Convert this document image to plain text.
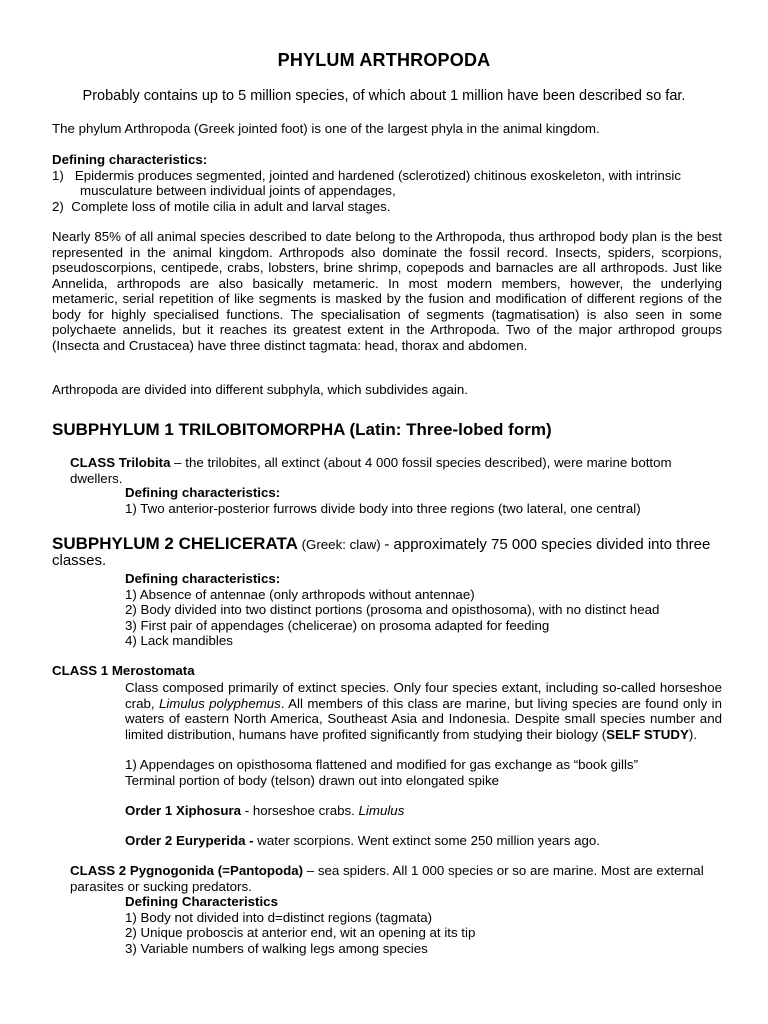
PHYLUM ARTHROPODA
Probably contains up to 5 million species, of which about 1 million have been described so far.
The phylum Arthropoda (Greek jointed foot) is one of the largest phyla in the animal kingdom.
Defining characteristics:
1) Epidermis produces segmented, jointed and hardened (sclerotized) chitinous exoskeleton, with intrinsic musculature between individual joints of appendages,
2) Complete loss of motile cilia in adult and larval stages.
Nearly 85% of all animal species described to date belong to the Arthropoda, thus arthropod body plan is the best represented in the animal kingdom. Arthropods also dominate the fossil record. Insects, spiders, scorpions, pseudoscorpions, centipede, crabs, lobsters, brine shrimp, copepods and barnacles are all arthropods. Just like Annelida, arthropods are also basically metameric. In most modern members, however, the underlying metameric, serial repetition of like segments is masked by the fusion and modification of different regions of the body for highly specialised functions. The specialisation of segments (tagmatisation) is also seen in some polychaete annelids, but it reaches its greatest extent in the Arthropoda. Two of the major arthropod groups (Insecta and Crustacea) have three distinct tagmata: head, thorax and abdomen.
Arthropoda are divided into different subphyla, which subdivides again.
SUBPHYLUM 1 TRILOBITOMORPHA (Latin: Three-lobed form)
CLASS Trilobita – the trilobites, all extinct (about 4 000 fossil species described), were marine bottom dwellers.
Defining characteristics:
1) Two anterior-posterior furrows divide body into three regions (two lateral, one central)
SUBPHYLUM 2 CHELICERATA (Greek: claw) - approximately 75 000 species divided into three classes.
Defining characteristics:
1) Absence of antennae (only arthropods without antennae)
2) Body divided into two distinct portions (prosoma and opisthosoma), with no distinct head
3) First pair of appendages (chelicerae) on prosoma adapted for feeding
4) Lack mandibles
CLASS 1 Merostomata
Class composed primarily of extinct species. Only four species extant, including so-called horseshoe crab, Limulus polyphemus. All members of this class are marine, but living species are found only in waters of eastern North America, Southeast Asia and Indonesia. Despite small species number and limited distribution, humans have profited significantly from studying their biology (SELF STUDY).
1) Appendages on opisthosoma flattened and modified for gas exchange as “book gills”
Terminal portion of body (telson) drawn out into elongated spike
Order 1 Xiphosura - horseshoe crabs. Limulus
Order 2 Euryperida - water scorpions. Went extinct some 250 million years ago.
CLASS 2 Pygnogonida (=Pantopoda) – sea spiders. All 1 000 species or so are marine. Most are external parasites or sucking predators.
Defining Characteristics
1) Body not divided into d=distinct regions (tagmata)
2) Unique proboscis at anterior end, wit an opening at its tip
3) Variable numbers of walking legs among species
